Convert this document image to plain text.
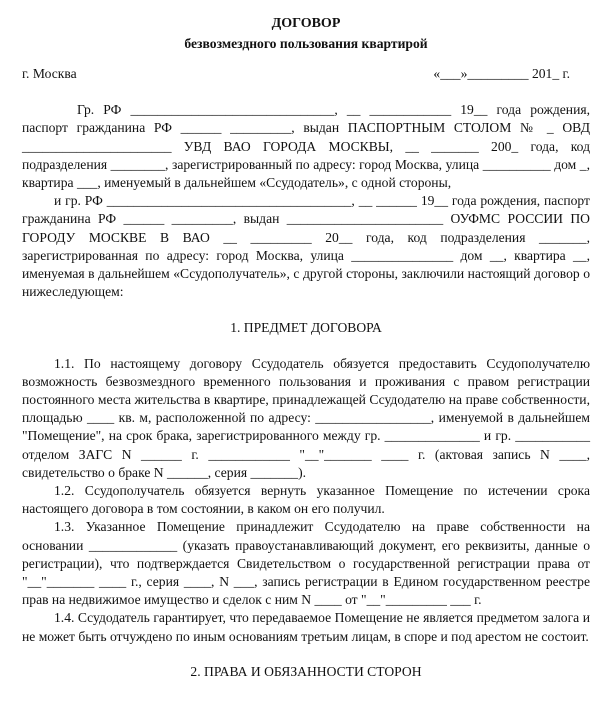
ДОГОВОР
безвозмездного пользования квартирой
г. Москва	«___»_________ 201_ г.

Гр. РФ ______________________________, __ ____________ 19__ года рождения, паспорт гражданина РФ ______ _________, выдан ПАСПОРТНЫМ СТОЛОМ № _ ОВД ______________________ УВД ВАО ГОРОДА МОСКВЫ, __ _______ 200_ года, код подразделения ________, зарегистрированный по адресу: город Москва, улица __________ дом _, квартира ___, именуемый в дальнейшем «Ссудодатель», с одной стороны,

и гр. РФ ____________________________________, __ ______ 19__ года рождения, паспорт гражданина РФ ______ _________, выдан _______________________ ОУФМС РОССИИ ПО ГОРОДУ МОСКВЕ В ВАО __ _________ 20__ года, код подразделения _______, зарегистрированная по адресу: город Москва, улица _______________ дом __, квартира __, именуемая в дальнейшем «Ссудополучатель», с другой стороны, заключили настоящий договор о нижеследующем:

1. ПРЕДМЕТ ДОГОВОРА

1.1. По настоящему договору Ссудодатель обязуется предоставить Ссудополучателю возможность безвозмездного временного пользования и проживания с правом регистрации постоянного места жительства в квартире, принадлежащей Ссудодателю на праве собственности, площадью ____ кв. м, расположенной по адресу: _________________, именуемой в дальнейшем "Помещение", на срок брака, зарегистрированного между гр. ______________ и гр. ___________ отделом ЗАГС N ______ г. ____________ "__"_______ ____ г. (актовая запись N ____, свидетельство о браке N ______, серия _______).

1.2. Ссудополучатель обязуется вернуть указанное Помещение по истечении срока настоящего договора в том состоянии, в каком он его получил.

1.3. Указанное Помещение принадлежит Ссудодателю на праве собственности на основании _____________ (указать правоустанавливающий документ, его реквизиты, данные о регистрации), что подтверждается Свидетельством о государственной регистрации права от "__"_______ ____ г., серия ____, N ___, запись регистрации в Едином государственном реестре прав на недвижимое имущество и сделок с ним N ____ от "__"_________ ___ г.

1.4. Ссудодатель гарантирует, что передаваемое Помещение не является предметом залога и не может быть отчуждено по иным основаниям третьим лицам, в споре и под арестом не состоит.

2. ПРАВА И ОБЯЗАННОСТИ СТОРОН
